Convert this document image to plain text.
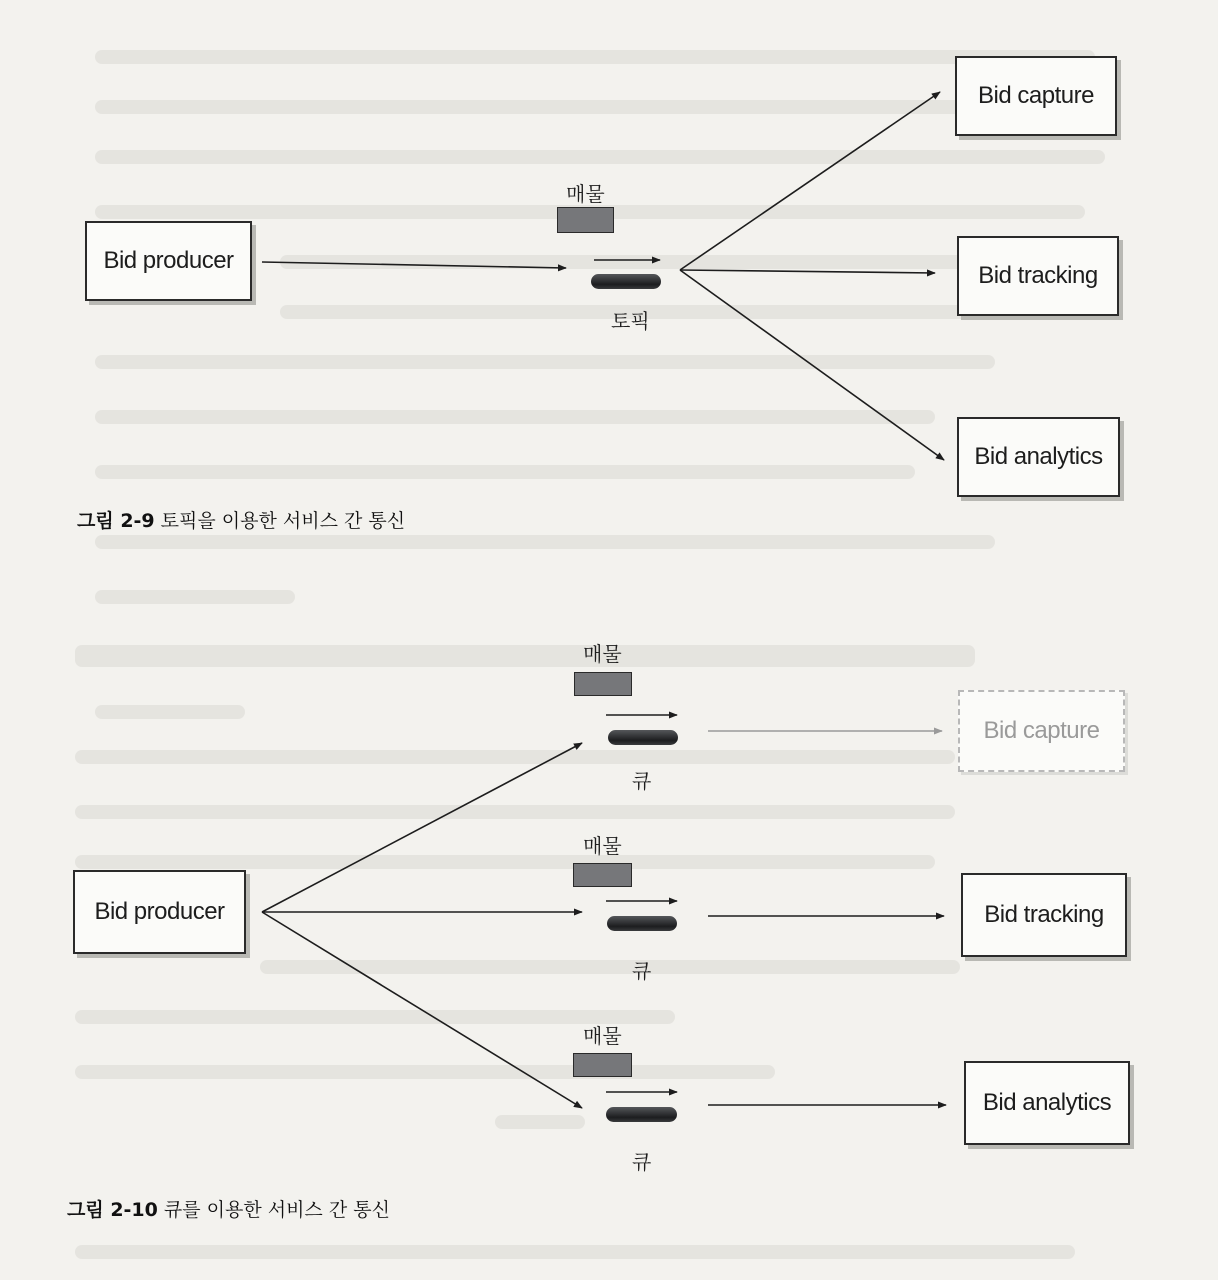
Bid producer
매물
토픽
Bid capture
Bid tracking
Bid analytics
그림 2-9 토픽을 이용한 서비스 간 통신
Bid producer
매물
큐
매물
큐
매물
큐
Bid capture
Bid tracking
Bid analytics
그림 2-10 큐를 이용한 서비스 간 통신
